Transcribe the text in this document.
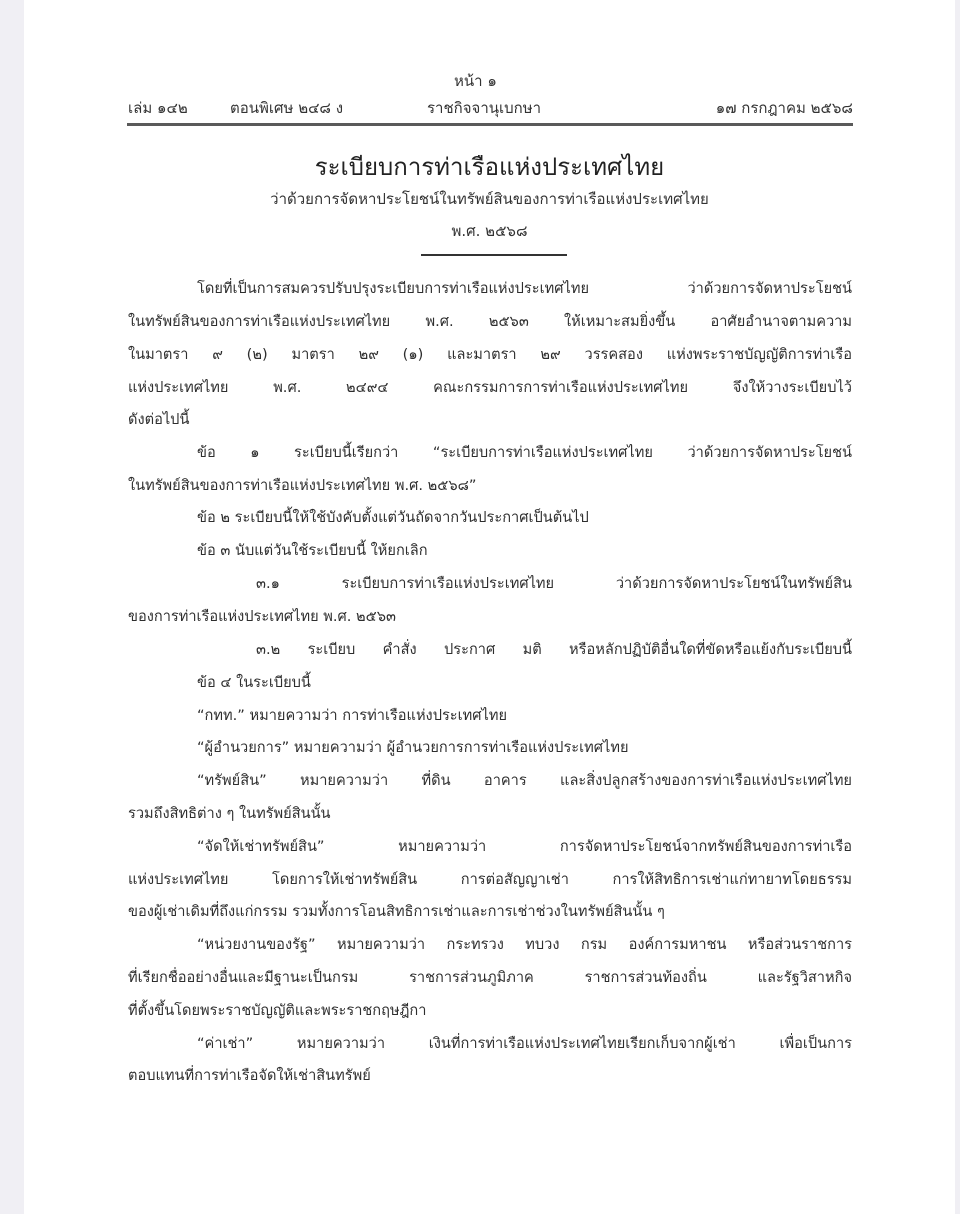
หน้า ๑
เล่ม ๑๔๒	ตอนพิเศษ ๒๔๘ ง	ราชกิจจานุเบกษา	๑๗ กรกฎาคม ๒๕๖๘
ระเบียบการท่าเรือแห่งประเทศไทย
ว่าด้วยการจัดหาประโยชน์ในทรัพย์สินของการท่าเรือแห่งประเทศไทย
พ.ศ. ๒๕๖๘
โดยที่เป็นการสมควรปรับปรุงระเบียบการท่าเรือแห่งประเทศไทย ว่าด้วยการจัดหาประโยชน์
ในทรัพย์สินของการท่าเรือแห่งประเทศไทย พ.ศ. ๒๕๖๓ ให้เหมาะสมยิ่งขึ้น อาศัยอำนาจตามความ
ในมาตรา ๙ (๒) มาตรา ๒๙ (๑) และมาตรา ๒๙ วรรคสอง แห่งพระราชบัญญัติการท่าเรือ
แห่งประเทศไทย พ.ศ. ๒๔๙๔ คณะกรรมการการท่าเรือแห่งประเทศไทย จึงให้วางระเบียบไว้
ดังต่อไปนี้
ข้อ ๑ ระเบียบนี้เรียกว่า “ระเบียบการท่าเรือแห่งประเทศไทย ว่าด้วยการจัดหาประโยชน์
ในทรัพย์สินของการท่าเรือแห่งประเทศไทย พ.ศ. ๒๕๖๘”
ข้อ ๒ ระเบียบนี้ให้ใช้บังคับตั้งแต่วันถัดจากวันประกาศเป็นต้นไป
ข้อ ๓ นับแต่วันใช้ระเบียบนี้ ให้ยกเลิก
๓.๑ ระเบียบการท่าเรือแห่งประเทศไทย ว่าด้วยการจัดหาประโยชน์ในทรัพย์สิน
ของการท่าเรือแห่งประเทศไทย พ.ศ. ๒๕๖๓
๓.๒ ระเบียบ คำสั่ง ประกาศ มติ หรือหลักปฏิบัติอื่นใดที่ขัดหรือแย้งกับระเบียบนี้
ข้อ ๔ ในระเบียบนี้
“กทท.” หมายความว่า การท่าเรือแห่งประเทศไทย
“ผู้อำนวยการ” หมายความว่า ผู้อำนวยการการท่าเรือแห่งประเทศไทย
“ทรัพย์สิน” หมายความว่า ที่ดิน อาคาร และสิ่งปลูกสร้างของการท่าเรือแห่งประเทศไทย
รวมถึงสิทธิต่าง ๆ ในทรัพย์สินนั้น
“จัดให้เช่าทรัพย์สิน” หมายความว่า การจัดหาประโยชน์จากทรัพย์สินของการท่าเรือ
แห่งประเทศไทย โดยการให้เช่าทรัพย์สิน การต่อสัญญาเช่า การให้สิทธิการเช่าแก่ทายาทโดยธรรม
ของผู้เช่าเดิมที่ถึงแก่กรรม รวมทั้งการโอนสิทธิการเช่าและการเช่าช่วงในทรัพย์สินนั้น ๆ
“หน่วยงานของรัฐ” หมายความว่า กระทรวง ทบวง กรม องค์การมหาชน หรือส่วนราชการ
ที่เรียกชื่ออย่างอื่นและมีฐานะเป็นกรม ราชการส่วนภูมิภาค ราชการส่วนท้องถิ่น และรัฐวิสาหกิจ
ที่ตั้งขึ้นโดยพระราชบัญญัติและพระราชกฤษฎีกา
“ค่าเช่า” หมายความว่า เงินที่การท่าเรือแห่งประเทศไทยเรียกเก็บจากผู้เช่า เพื่อเป็นการ
ตอบแทนที่การท่าเรือจัดให้เช่าสินทรัพย์
